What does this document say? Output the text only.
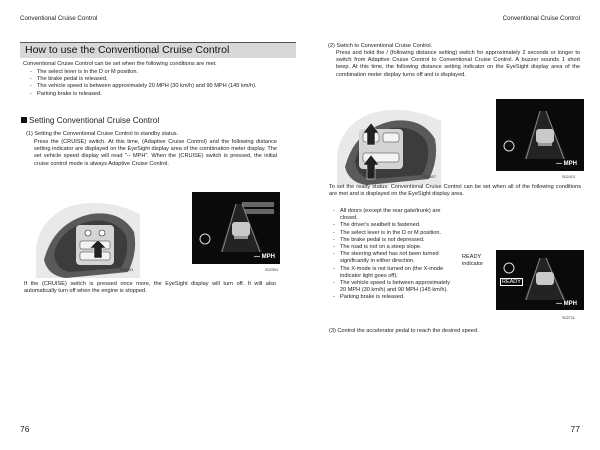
Conventional Cruise Control	Conventional Cruise Control
How to use the Conventional Cruise Control
Conventional Cruise Control can be set when the following conditions are met.
- The select lever is in the D or M position.
- The brake pedal is released.
- The vehicle speed is between approximately 20 MPH (30 km/h) and 90 MPH (145 km/h).
- Parking brake is released.
Setting Conventional Cruise Control
(1) Setting the Conventional Cruise Control to standby status.
Press the (CRUISE) switch. At this time, (Adaptive Cruise Control) and the following distance setting indicator are displayed on the EyeSight display area of the combination meter display. The set vehicle speed display will read "-- MPH". When the (CRUISE) switch is pressed, the initial cruise control mode is always Adaptive Cruise Control.
S02393
— MPH
S02391
If the (CRUISE) switch is pressed once more, the EyeSight display will turn off. It will also automatically turn off when the engine is stopped.
76
(2) Switch to Conventional Cruise Control.
Press and hold the / (following distance setting) switch for approximately 2 seconds or longer to switch from Adaptive Cruise Control to Conventional Cruise Control. A buzzer sounds 1 short beep. At this time, the following distance setting indicator on the EyeSight display area of the combination meter display turns off and is displayed.
S02607
— MPH
S02413
To set the ready status: Conventional Cruise Control can be set when all of the following conditions are met and is displayed on the EyeSight display area.
- All doors (except the rear gate/trunk) are closed.
- The driver's seatbelt is fastened.
- The select lever is in the D or M position.
- The brake pedal is not depressed.
- The road is not on a steep slope.
- The steering wheel has not been turned significantly in either direction.
- The X-mode is not turned on (the X-mode indicator light goes off).
- The vehicle speed is between approximately 20 MPH (30 km/h) and 90 MPH (145 km/h).
- Parking brake is released.
READY indicator
READY
— MPH
S02711
(3) Control the accelerator pedal to reach the desired speed.
77
